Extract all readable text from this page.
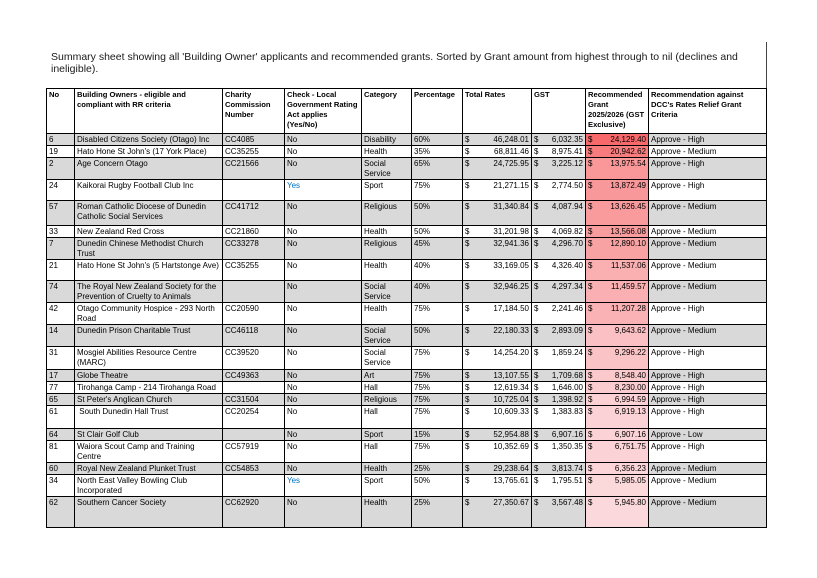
Summary sheet showing all 'Building Owner' applicants and recommended grants. Sorted by Grant amount from highest through to nil (declines and ineligible).
No	Building Owners - eligible and compliant with RR criteria	Charity Commission Number	Check - Local Government Rating Act applies (Yes/No)	Category	Percentage	Total Rates	GST	Recommended Grant 2025/2026 (GST Exclusive)	Recommendation against DCC's Rates Relief Grant Criteria
6	Disabled Citizens Society (Otago) Inc	CC4085	No	Disability	60%	$ 46,248.01	$ 6,032.35	$ 24,129.40	Approve - High
19	Hato Hone St John's (17 York Place)	CC35255	No	Health	35%	$ 68,811.46	$ 8,975.41	$ 20,942.62	Approve - Medium
2	Age Concern Otago	CC21566	No	Social Service	65%	$ 24,725.95	$ 3,225.12	$ 13,975.54	Approve - High
24	Kaikorai Rugby Football Club Inc		Yes	Sport	75%	$ 21,271.15	$ 2,774.50	$ 13,872.49	Approve - High
57	Roman Catholic Diocese of Dunedin Catholic Social Services	CC41712	No	Religious	50%	$ 31,340.84	$ 4,087.94	$ 13,626.45	Approve - Medium
33	New Zealand Red Cross	CC21860	No	Health	50%	$ 31,201.98	$ 4,069.82	$ 13,566.08	Approve - Medium
7	Dunedin Chinese Methodist Church Trust	CC33278	No	Religious	45%	$ 32,941.36	$ 4,296.70	$ 12,890.10	Approve - Medium
21	Hato Hone St John's (5 Hartstonge Ave)	CC35255	No	Health	40%	$ 33,169.05	$ 4,326.40	$ 11,537.06	Approve - Medium
74	The Royal New Zealand Society for the Prevention of Cruelty to Animals		No	Social Service	40%	$ 32,946.25	$ 4,297.34	$ 11,459.57	Approve - Medium
42	Otago Community Hospice - 293 North Road	CC20590	No	Health	75%	$ 17,184.50	$ 2,241.46	$ 11,207.28	Approve - High
14	Dunedin Prison Charitable Trust	CC46118	No	Social Service	50%	$ 22,180.33	$ 2,893.09	$ 9,643.62	Approve - Medium
31	Mosgiel Abilities Resource Centre (MARC)	CC39520	No	Social Service	75%	$ 14,254.20	$ 1,859.24	$ 9,296.22	Approve - High
17	Globe Theatre	CC49363	No	Art	75%	$ 13,107.55	$ 1,709.68	$ 8,548.40	Approve - High
77	Tirohanga Camp - 214 Tirohanga Road		No	Hall	75%	$ 12,619.34	$ 1,646.00	$ 8,230.00	Approve - High
65	St Peter's Anglican Church	CC31504	No	Religious	75%	$ 10,725.04	$ 1,398.92	$ 6,994.59	Approve - High
61	South Dunedin Hall Trust	CC20254	No	Hall	75%	$ 10,609.33	$ 1,383.83	$ 6,919.13	Approve - High
64	St Clair Golf Club		No	Sport	15%	$ 52,954.88	$ 6,907.16	$ 6,907.16	Approve - Low
81	Waiora Scout Camp and Training Centre	CC57919	No	Hall	75%	$ 10,352.69	$ 1,350.35	$ 6,751.75	Approve - High
60	Royal New Zealand Plunket Trust	CC54853	No	Health	25%	$ 29,238.64	$ 3,813.74	$ 6,356.23	Approve - Medium
34	North East Valley Bowling Club Incorporated		Yes	Sport	50%	$ 13,765.61	$ 1,795.51	$ 5,985.05	Approve - Medium
62	Southern Cancer Society	CC62920	No	Health	25%	$ 27,350.67	$ 3,567.48	$ 5,945.80	Approve - Medium
